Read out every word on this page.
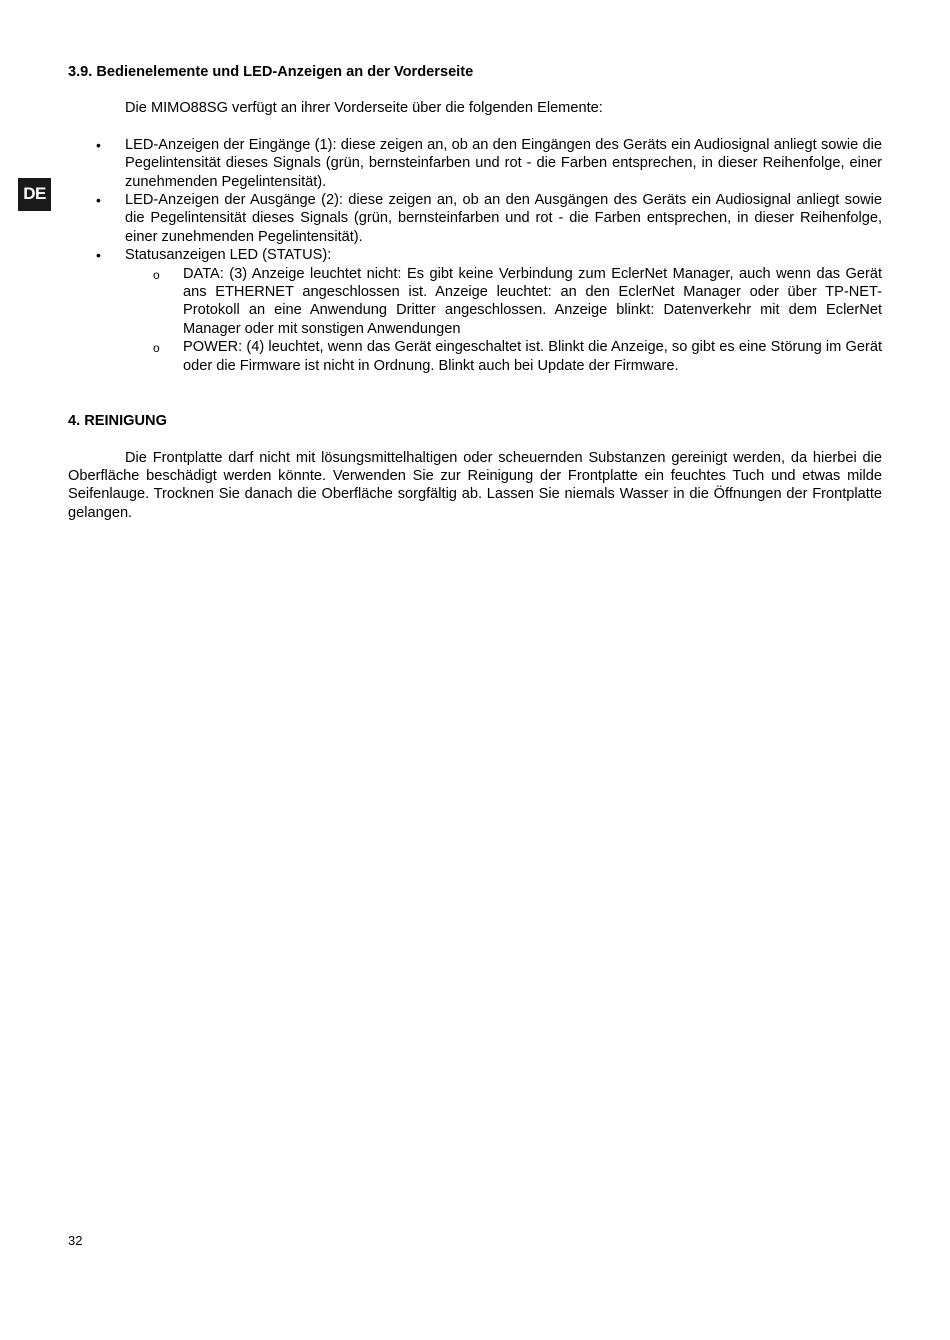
DE
3.9. Bedienelemente und LED-Anzeigen an der Vorderseite
Die MIMO88SG verfügt an ihrer Vorderseite über die folgenden Elemente:
• LED-Anzeigen der Eingänge (1): diese zeigen an, ob an den Eingängen des Geräts ein Audiosignal anliegt sowie die Pegelintensität dieses Signals (grün, bernsteinfarben und rot - die Farben entsprechen, in dieser Reihenfolge, einer zunehmenden Pegelintensität).
• LED-Anzeigen der Ausgänge (2): diese zeigen an, ob an den Ausgängen des Geräts ein Audiosignal anliegt sowie die Pegelintensität dieses Signals (grün, bernsteinfarben und rot - die Farben entsprechen, in dieser Reihenfolge, einer zunehmenden Pegelintensität).
• Statusanzeigen LED (STATUS):
o DATA: (3) Anzeige leuchtet nicht: Es gibt keine Verbindung zum EclerNet Manager, auch wenn das Gerät ans ETHERNET angeschlossen ist. Anzeige leuchtet: an den EclerNet Manager oder über TP-NET-Protokoll an eine Anwendung Dritter angeschlossen. Anzeige blinkt: Datenverkehr mit dem EclerNet Manager oder mit sonstigen Anwendungen
o POWER: (4) leuchtet, wenn das Gerät eingeschaltet ist. Blinkt die Anzeige, so gibt es eine Störung im Gerät oder die Firmware ist nicht in Ordnung. Blinkt auch bei Update der Firmware.
4. REINIGUNG
Die Frontplatte darf nicht mit lösungsmittelhaltigen oder scheuernden Substanzen gereinigt werden, da hierbei die Oberfläche beschädigt werden könnte. Verwenden Sie zur Reinigung der Frontplatte ein feuchtes Tuch und etwas milde Seifenlauge. Trocknen Sie danach die Oberfläche sorgfältig ab. Lassen Sie niemals Wasser in die Öffnungen der Frontplatte gelangen.
32
